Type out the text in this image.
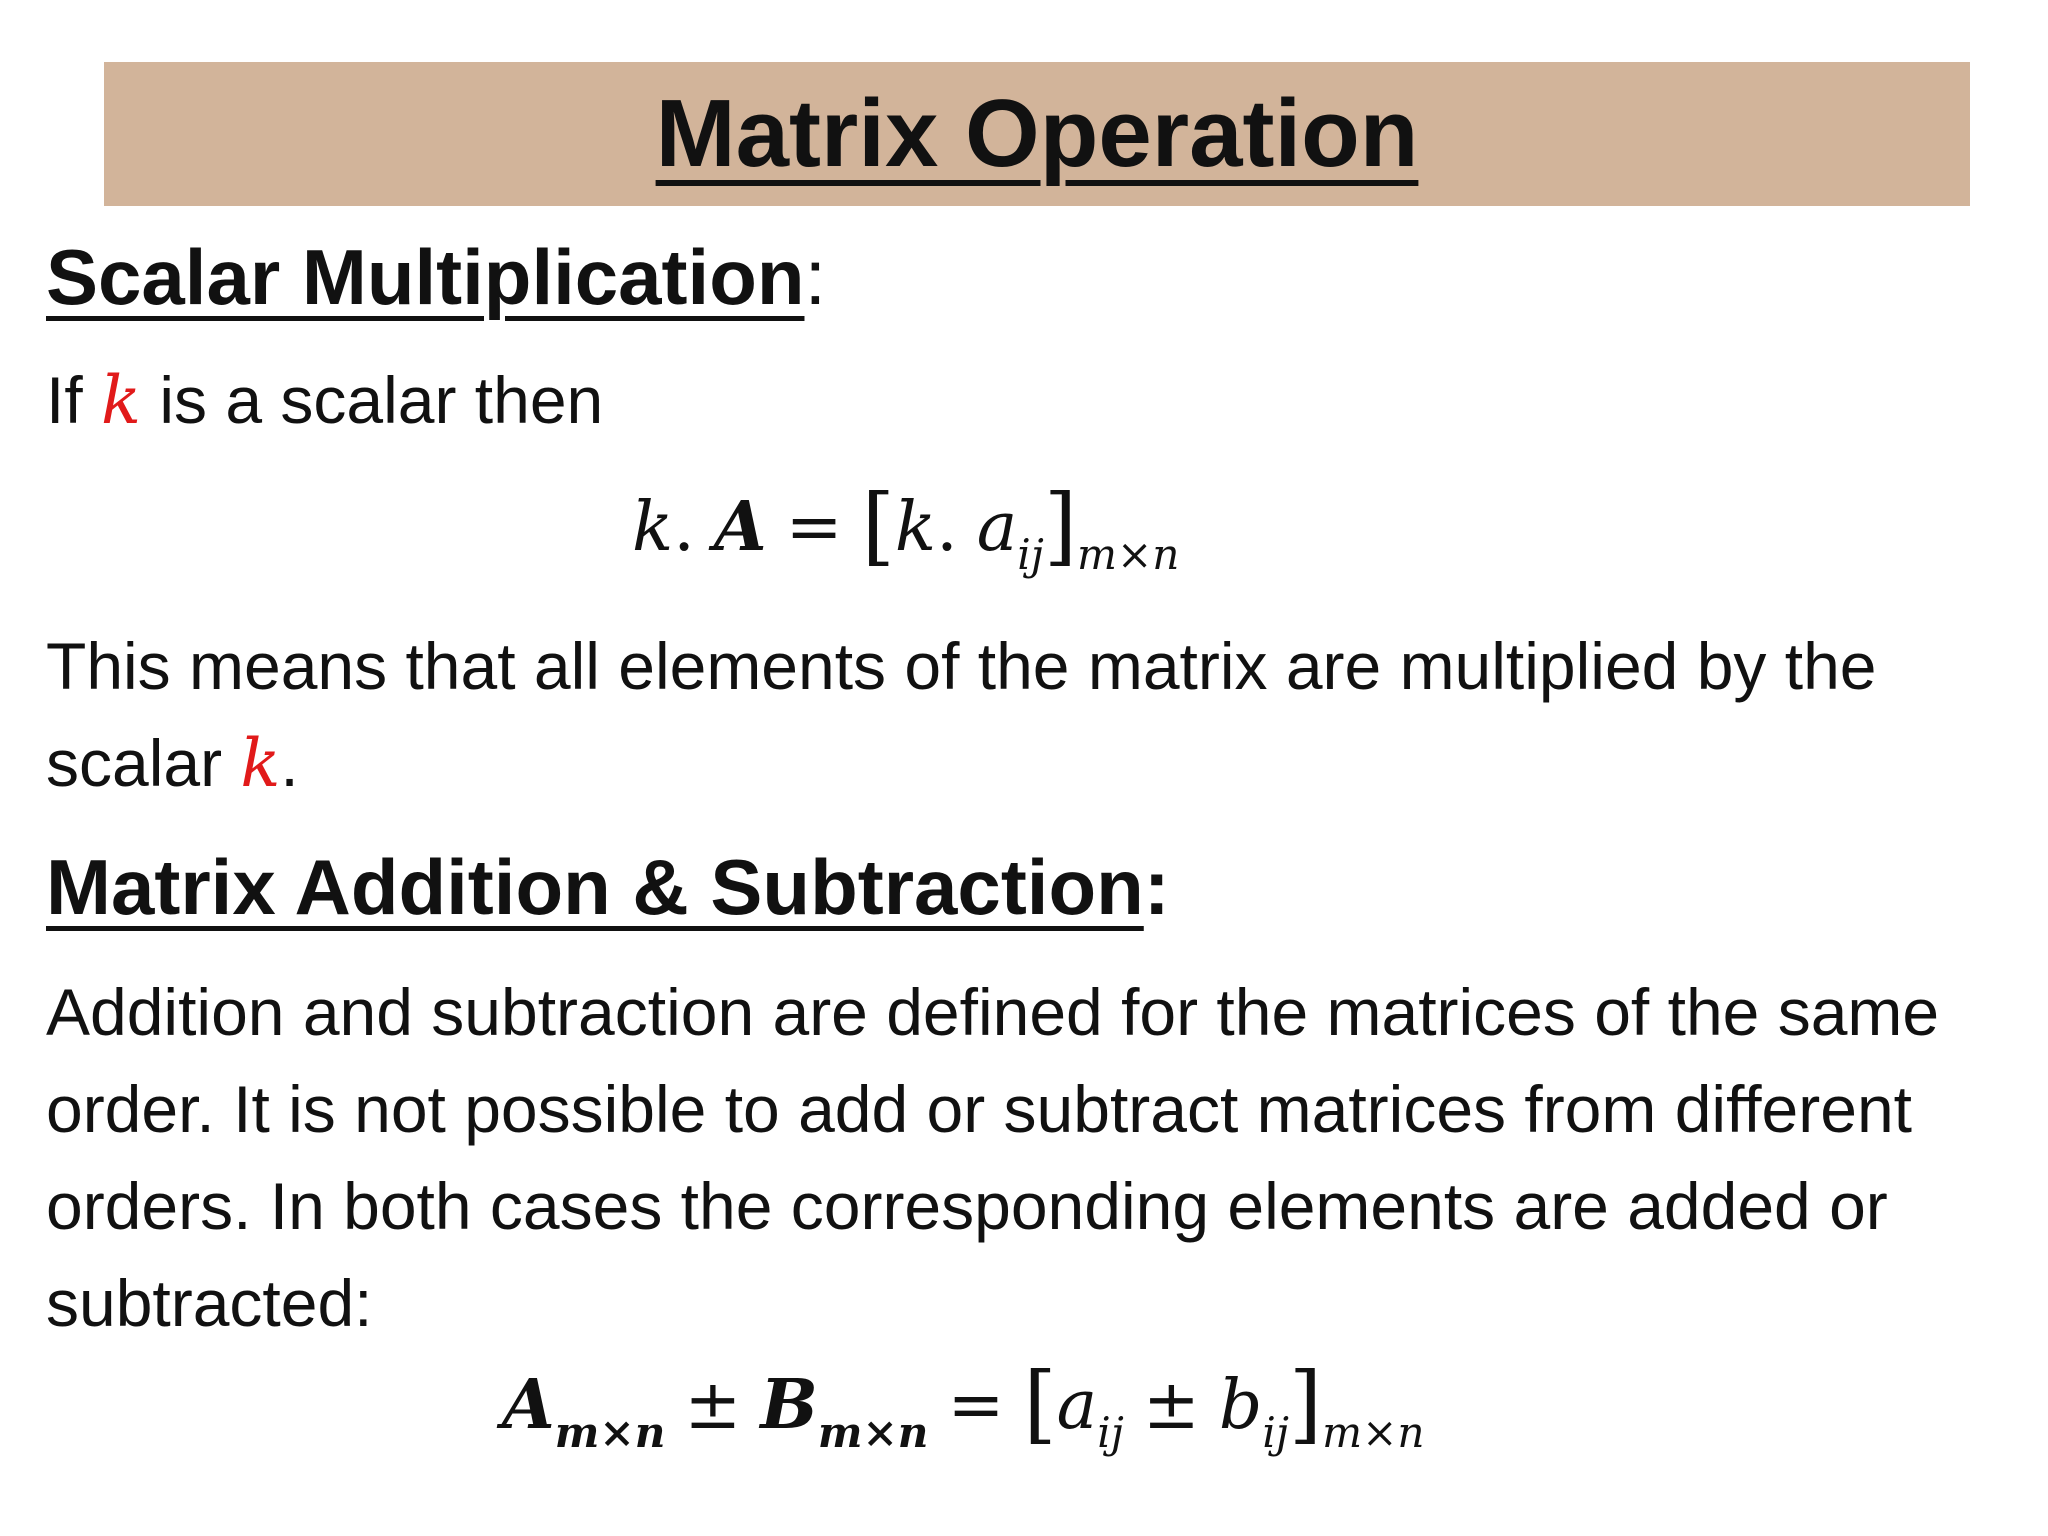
Matrix Operation
Scalar Multiplication:

If k is a scalar then

k. A = [k. $a_{ij}]_{m\times n}$

This means that all elements of the matrix are multiplied by the scalar k.

Matrix Addition & Subtraction:

Addition and subtraction are defined for the matrices of the same order. It is not possible to add or subtract matrices from different orders. In both cases the corresponding elements are added or subtracted:

$A_{m\times n} \pm B_{m\times n} = [a_{ij} \pm b_{ij}]_{m\times n}$
